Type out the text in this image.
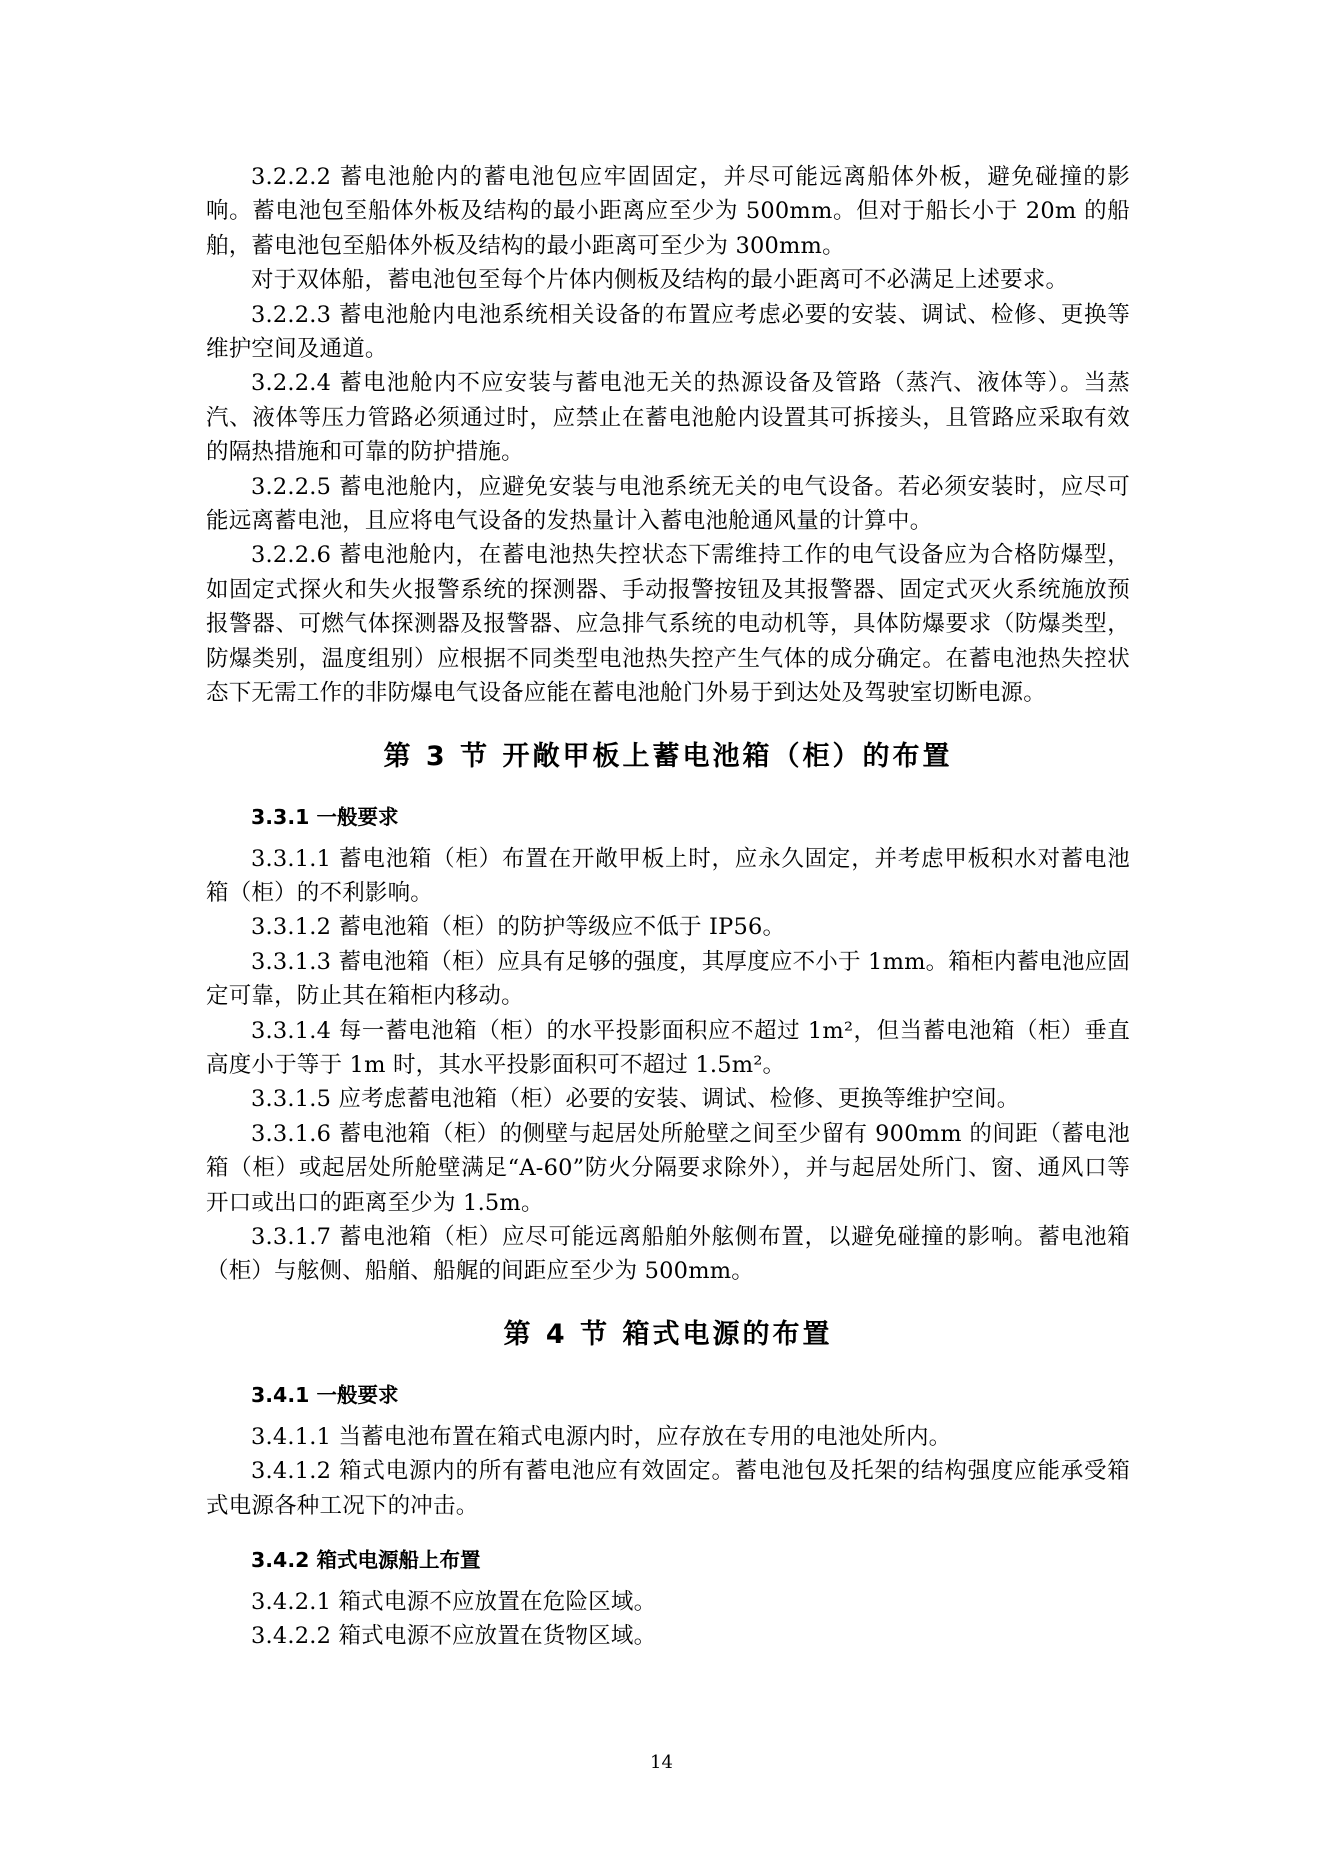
3.2.2.2 蓄电池舱内的蓄电池包应牢固固定，并尽可能远离船体外板，避免碰撞的影响。蓄电池包至船体外板及结构的最小距离应至少为 500mm。但对于船长小于 20m 的船舶，蓄电池包至船体外板及结构的最小距离可至少为 300mm。

对于双体船，蓄电池包至每个片体内侧板及结构的最小距离可不必满足上述要求。

3.2.2.3 蓄电池舱内电池系统相关设备的布置应考虑必要的安装、调试、检修、更换等维护空间及通道。

3.2.2.4 蓄电池舱内不应安装与蓄电池无关的热源设备及管路（蒸汽、液体等）。当蒸汽、液体等压力管路必须通过时，应禁止在蓄电池舱内设置其可拆接头，且管路应采取有效的隔热措施和可靠的防护措施。

3.2.2.5 蓄电池舱内，应避免安装与电池系统无关的电气设备。若必须安装时，应尽可能远离蓄电池，且应将电气设备的发热量计入蓄电池舱通风量的计算中。

3.2.2.6 蓄电池舱内，在蓄电池热失控状态下需维持工作的电气设备应为合格防爆型，如固定式探火和失火报警系统的探测器、手动报警按钮及其报警器、固定式灭火系统施放预报警器、可燃气体探测器及报警器、应急排气系统的电动机等，具体防爆要求（防爆类型，防爆类别，温度组别）应根据不同类型电池热失控产生气体的成分确定。在蓄电池热失控状态下无需工作的非防爆电气设备应能在蓄电池舱门外易于到达处及驾驶室切断电源。

第 3 节 开敞甲板上蓄电池箱（柜）的布置
3.3.1 一般要求

3.3.1.1 蓄电池箱（柜）布置在开敞甲板上时，应永久固定，并考虑甲板积水对蓄电池箱（柜）的不利影响。

3.3.1.2 蓄电池箱（柜）的防护等级应不低于 IP56。

3.3.1.3 蓄电池箱（柜）应具有足够的强度，其厚度应不小于 1mm。箱柜内蓄电池应固定可靠，防止其在箱柜内移动。

3.3.1.4 每一蓄电池箱（柜）的水平投影面积应不超过 1m²，但当蓄电池箱（柜）垂直高度小于等于 1m 时，其水平投影面积可不超过 1.5m²。

3.3.1.5 应考虑蓄电池箱（柜）必要的安装、调试、检修、更换等维护空间。

3.3.1.6 蓄电池箱（柜）的侧壁与起居处所舱壁之间至少留有 900mm 的间距（蓄电池箱（柜）或起居处所舱壁满足“A-60”防火分隔要求除外），并与起居处所门、窗、通风口等开口或出口的距离至少为 1.5m。

3.3.1.7 蓄电池箱（柜）应尽可能远离船舶外舷侧布置，以避免碰撞的影响。蓄电池箱（柜）与舷侧、船艏、船艉的间距应至少为 500mm。

第 4 节 箱式电源的布置
3.4.1 一般要求

3.4.1.1 当蓄电池布置在箱式电源内时，应存放在专用的电池处所内。

3.4.1.2 箱式电源内的所有蓄电池应有效固定。蓄电池包及托架的结构强度应能承受箱式电源各种工况下的冲击。

3.4.2 箱式电源船上布置

3.4.2.1 箱式电源不应放置在危险区域。

3.4.2.2 箱式电源不应放置在货物区域。

14
